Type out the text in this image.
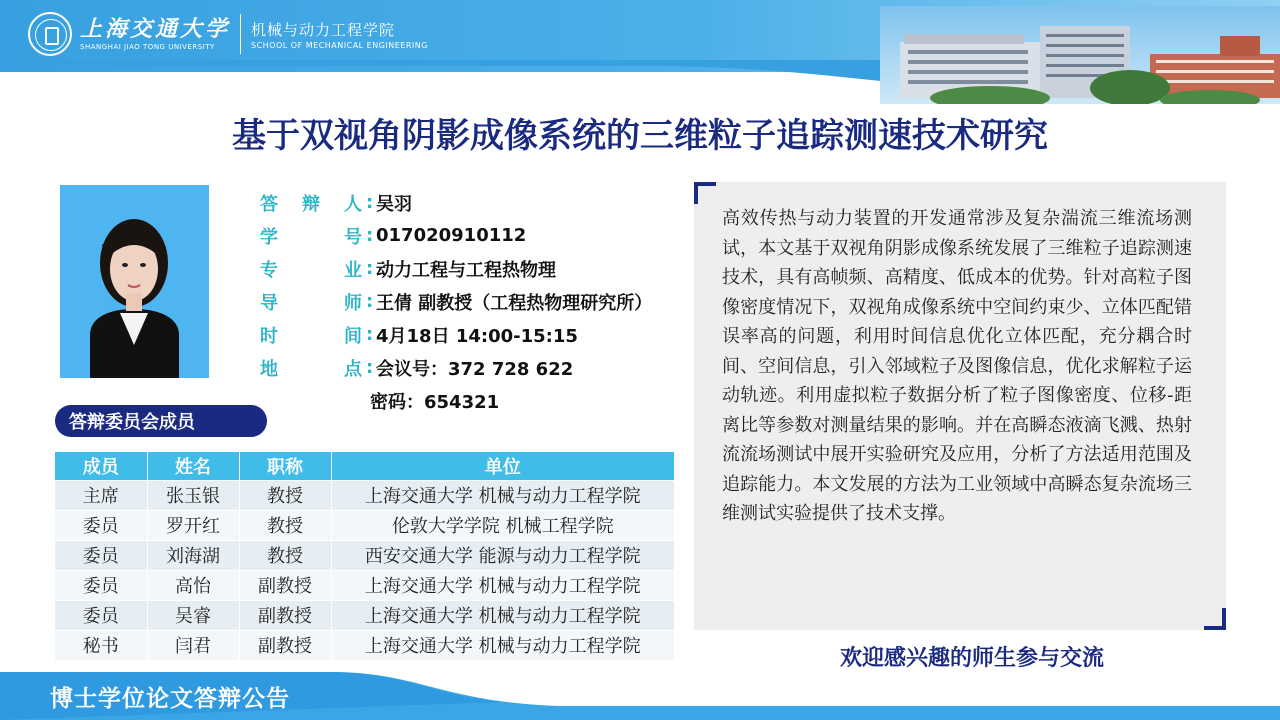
上海交通大学
SHANGHAI JIAO TONG UNIVERSITY
机械与动力工程学院
SCHOOL OF MECHANICAL ENGINEERING
基于双视角阴影成像系统的三维粒子追踪测速技术研究
答 辩 人 : 吴羽
学	号 : 017020910112
专	业 : 动力工程与工程热物理
导	师 : 王倩 副教授（工程热物理研究所）
时	间 : 4月18日 14:00-15:15
地	点 : 会议号：372 728 622
密码：654321
答辩委员会成员
成员	姓名	职称	单位
主席	张玉银	教授	上海交通大学 机械与动力工程学院
委员	罗开红	教授	伦敦大学学院 机械工程学院
委员	刘海湖	教授	西安交通大学 能源与动力工程学院
委员	高怡	副教授	上海交通大学 机械与动力工程学院
委员	吴睿	副教授	上海交通大学 机械与动力工程学院
秘书	闫君	副教授	上海交通大学 机械与动力工程学院
高效传热与动力装置的开发通常涉及复杂湍流三维流场测试，本文基于双视角阴影成像系统发展了三维粒子追踪测速技术，具有高帧频、高精度、低成本的优势。针对高粒子图像密度情况下，双视角成像系统中空间约束少、立体匹配错误率高的问题，利用时间信息优化立体匹配，充分耦合时间、空间信息，引入邻域粒子及图像信息，优化求解粒子运动轨迹。利用虚拟粒子数据分析了粒子图像密度、位移-距离比等参数对测量结果的影响。并在高瞬态液滴飞溅、热射流流场测试中展开实验研究及应用，分析了方法适用范围及追踪能力。本文发展的方法为工业领域中高瞬态复杂流场三维测试实验提供了技术支撑。
欢迎感兴趣的师生参与交流
博士学位论文答辩公告
